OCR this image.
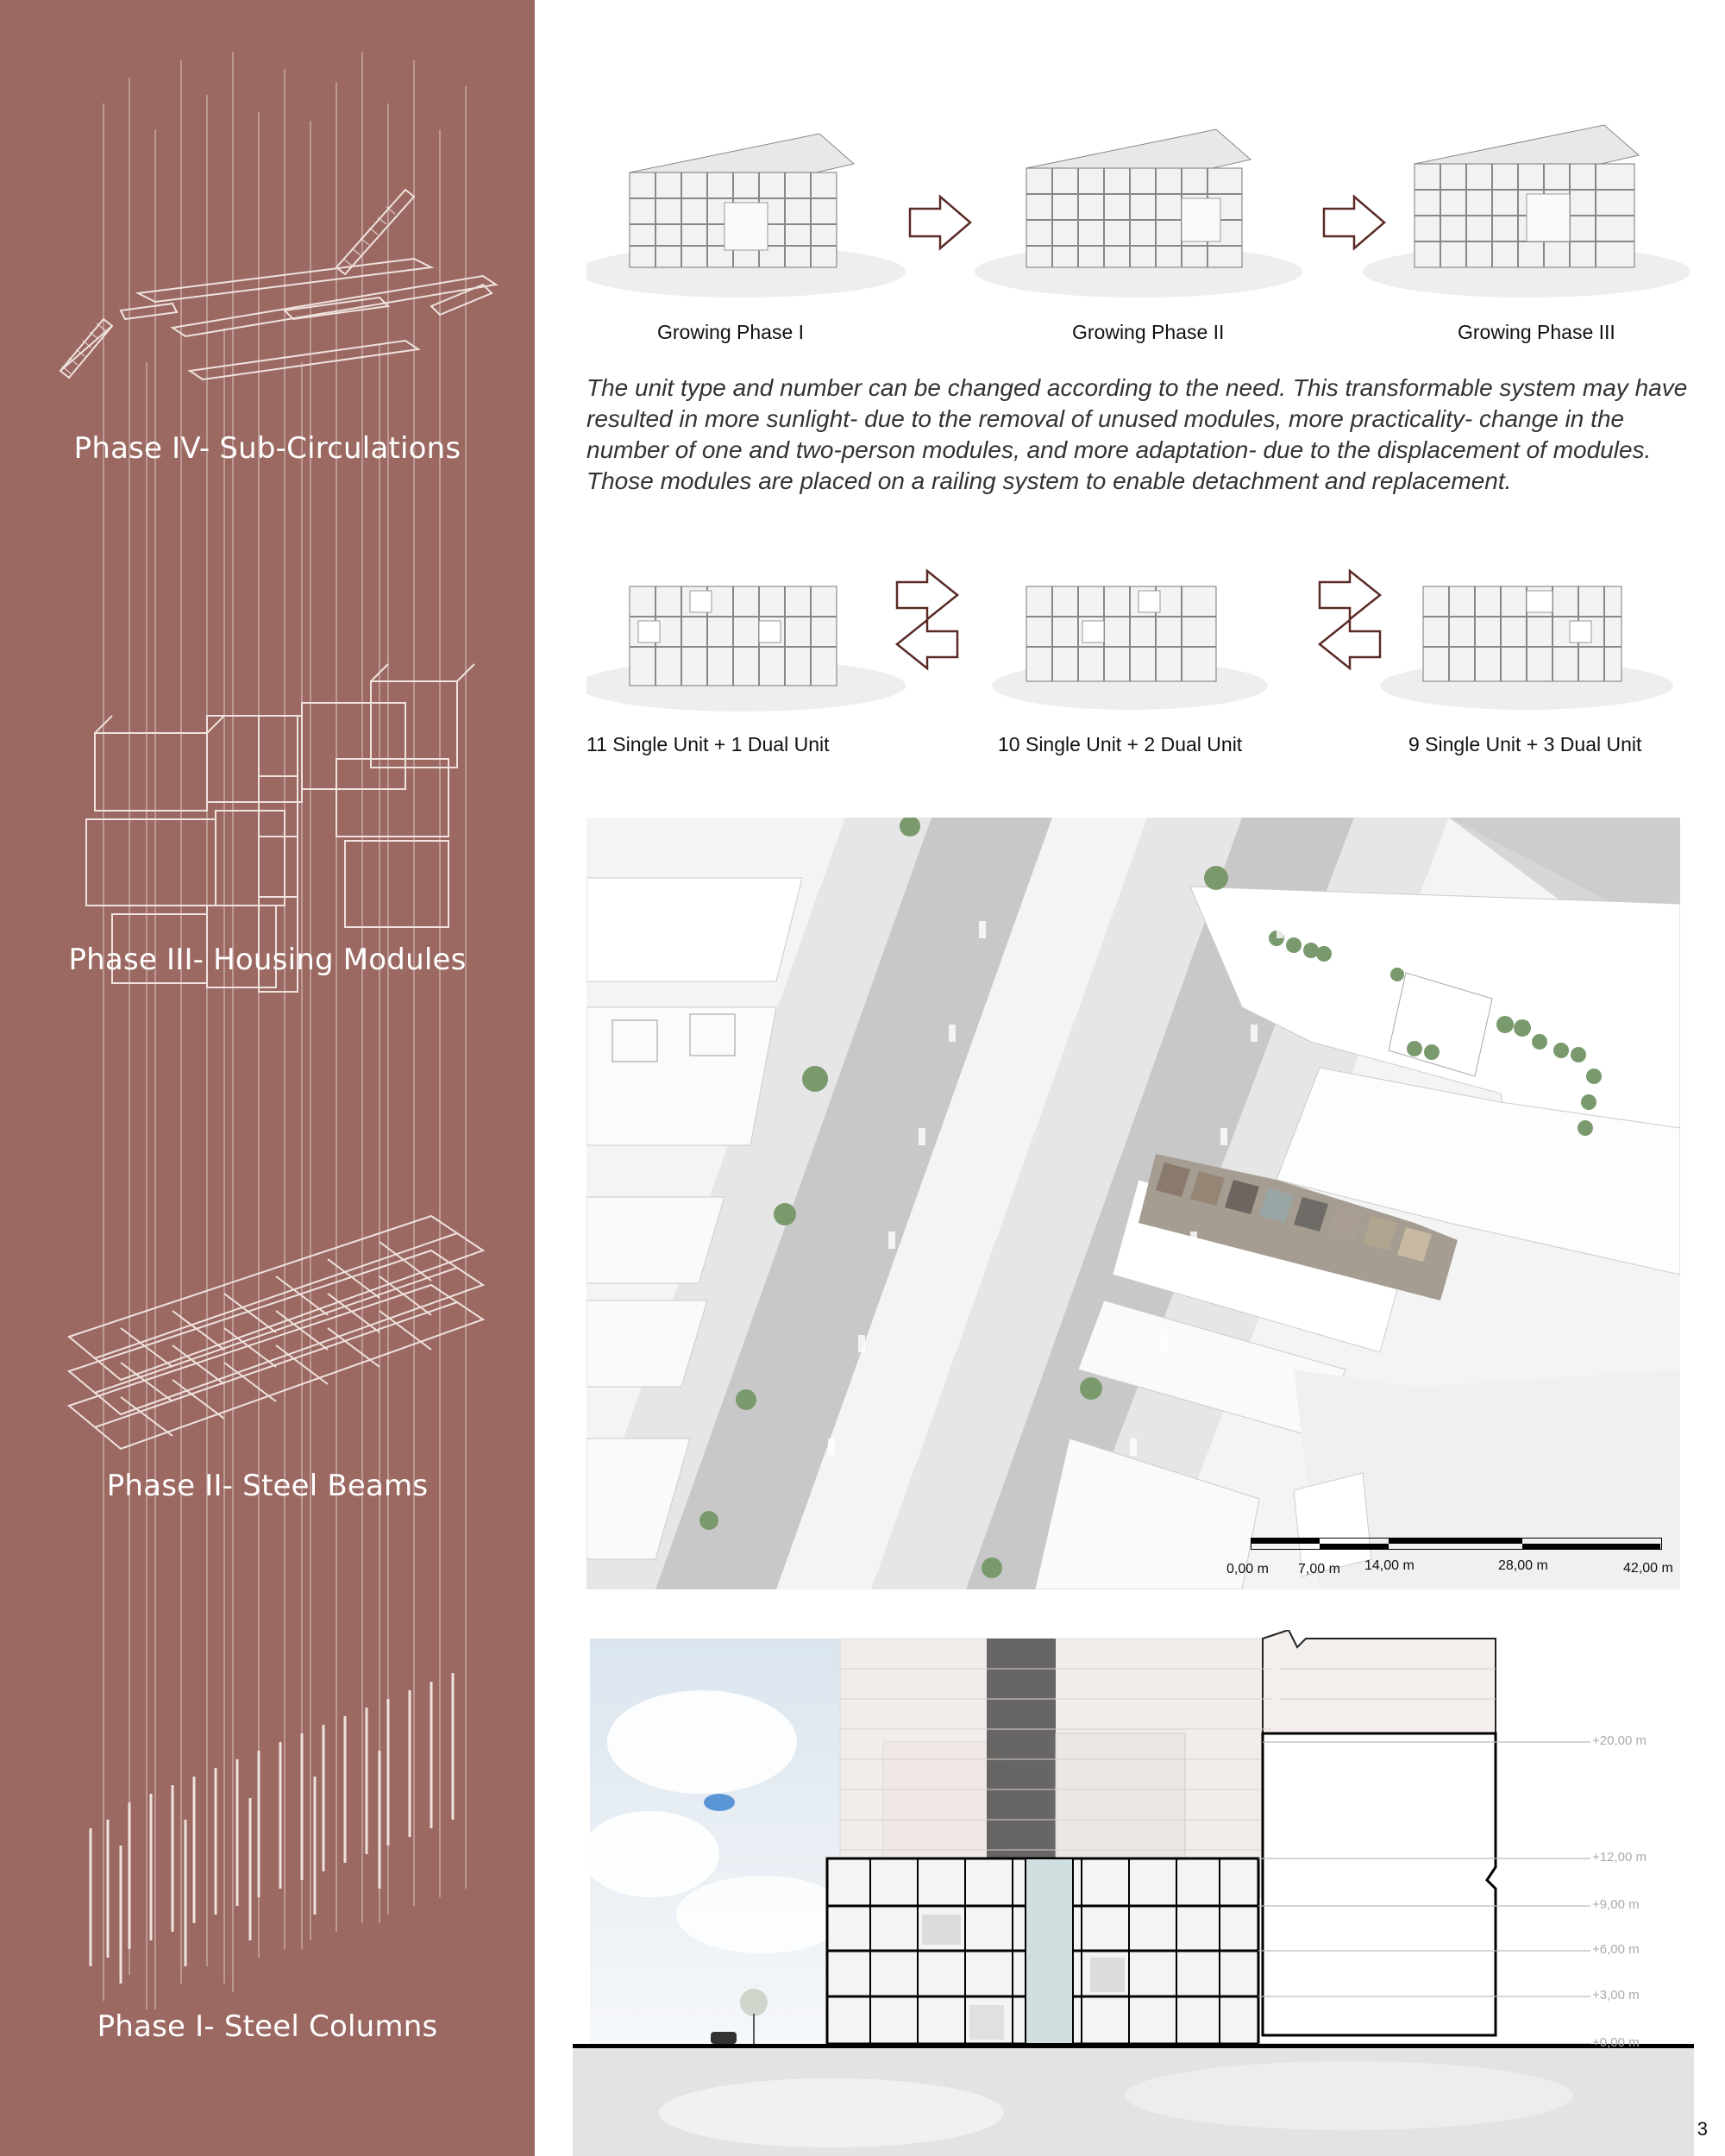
Phase IV- Sub-Circulations
Phase III- Housing Modules
Phase II- Steel Beams
Phase I- Steel Columns
Growing Phase I	Growing Phase II	Growing Phase III
The unit type and number can be changed according to the need. This transformable system may have resulted in more sunlight- due to the removal of unused modules, more practicality- change in the number of one and two-person modules, and more adaptation- due to the displacement of modules. Those modules are placed on a railing system to enable detachment and replacement.
11 Single Unit + 1 Dual Unit	10 Single Unit + 2 Dual Unit	9 Single Unit + 3 Dual Unit
0,00 m 7,00 m 14,00 m	28,00 m	42,00 m
+20,00 m
+12,00 m
+9,00 m
+6,00 m
+3,00 m
+0,00 m
3
